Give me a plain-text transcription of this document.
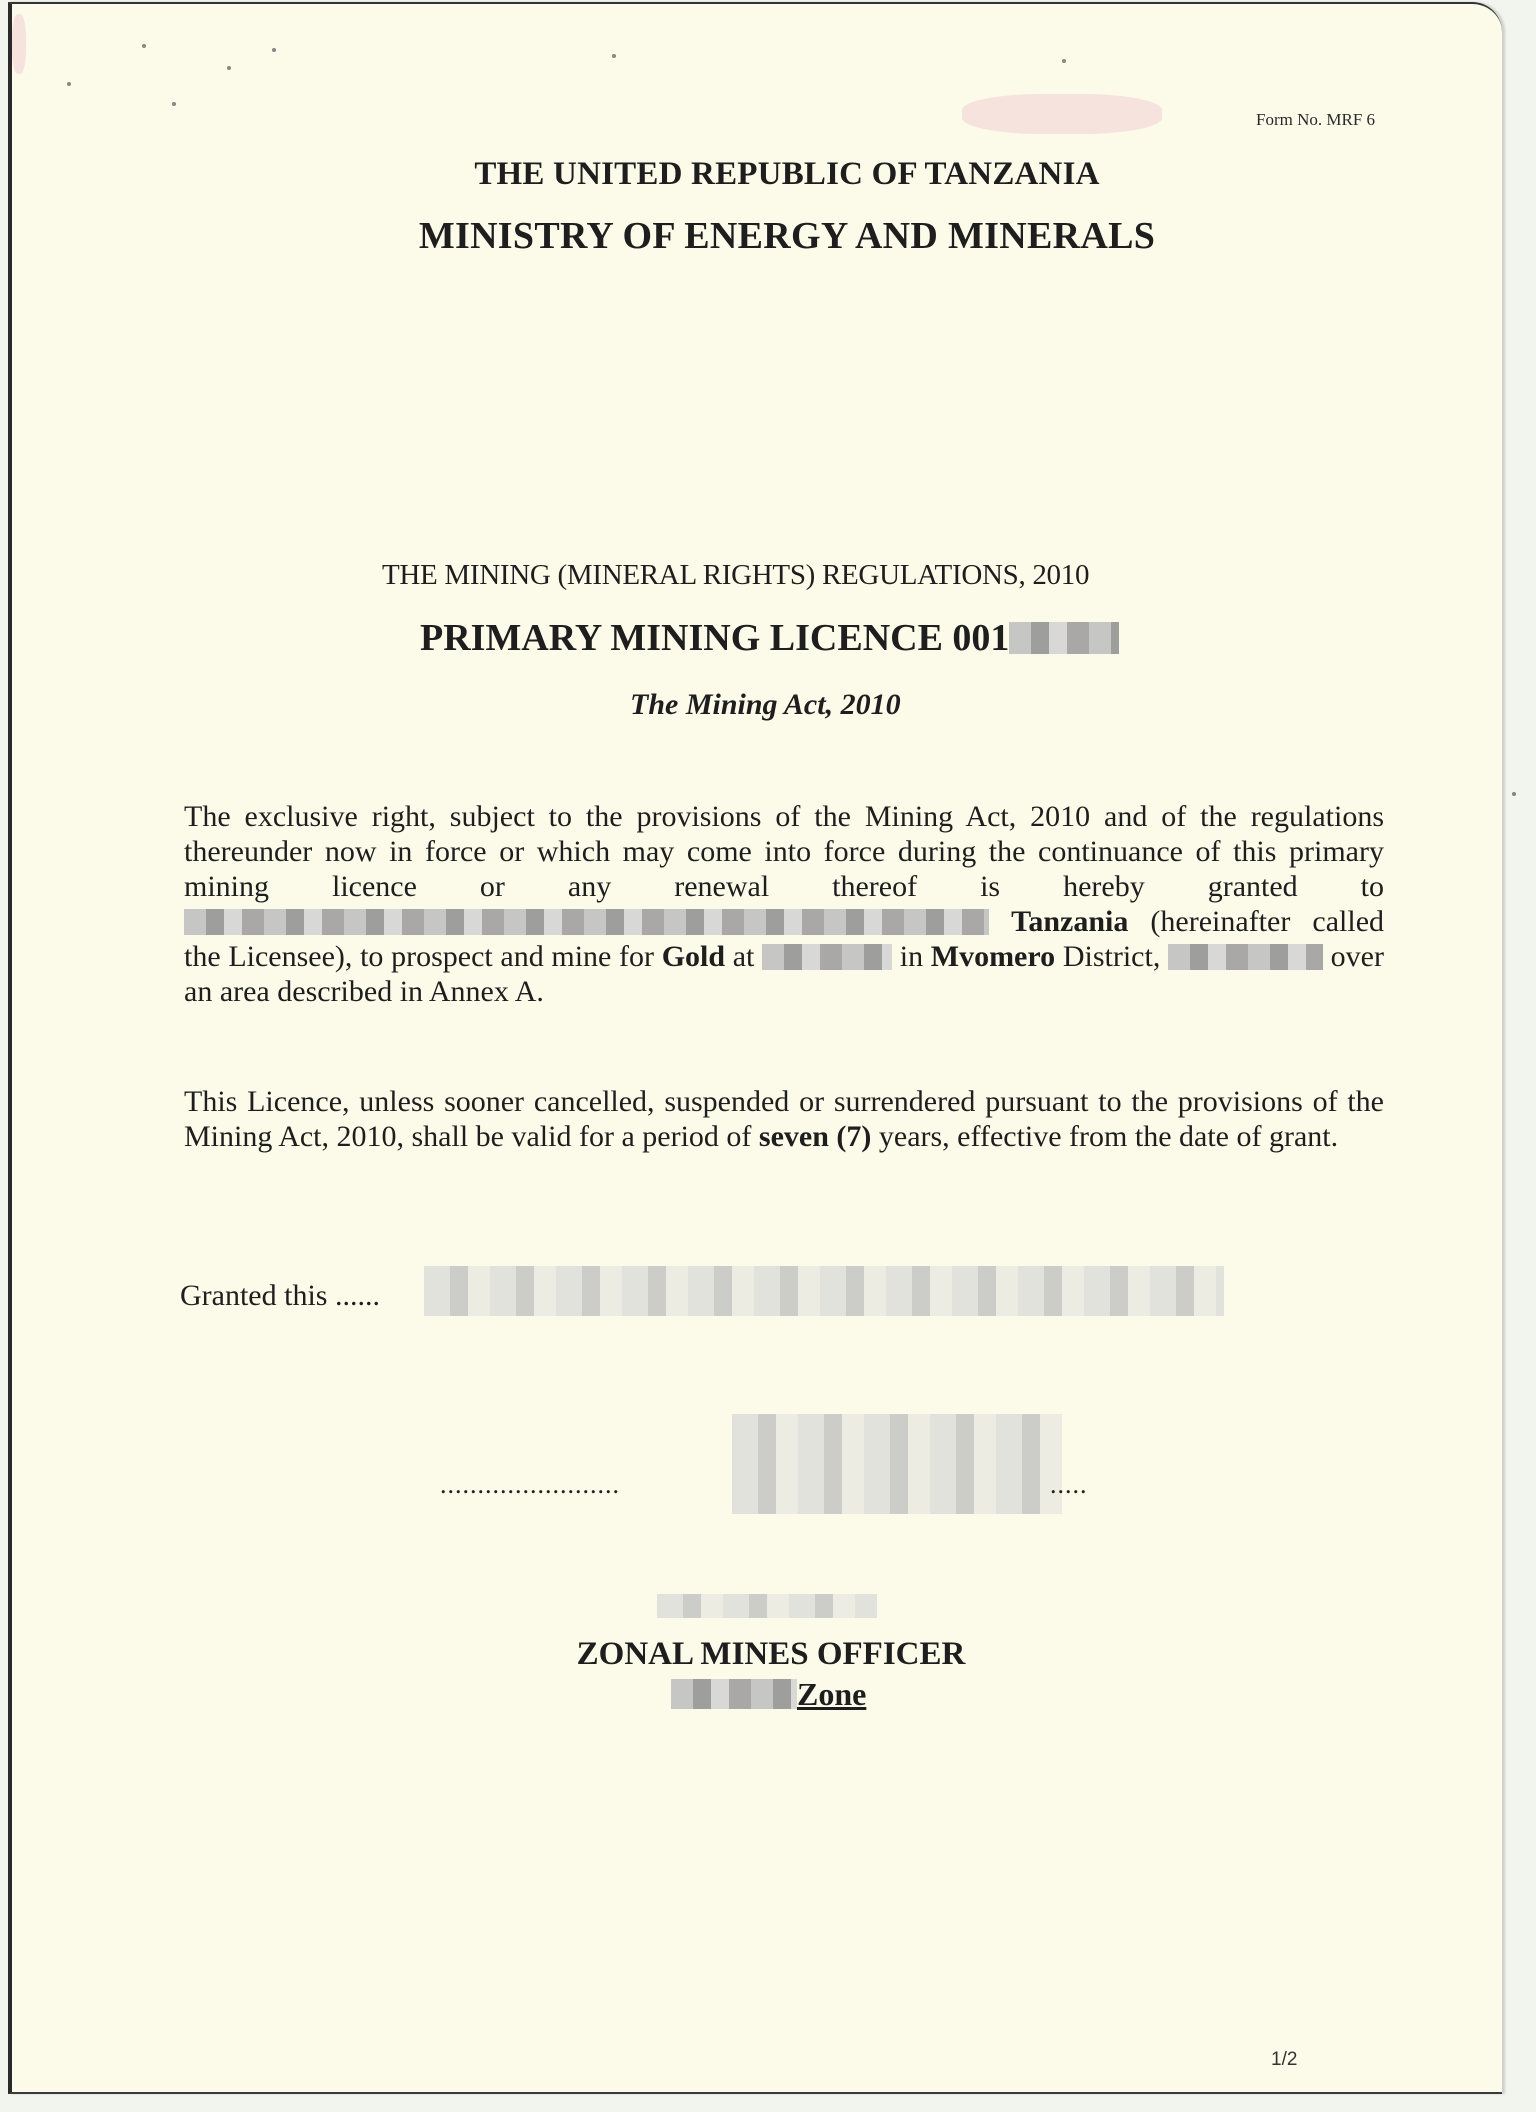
Form No. MRF 6
THE UNITED REPUBLIC OF TANZANIA
MINISTRY OF ENERGY AND MINERALS
THE MINING (MINERAL RIGHTS) REGULATIONS, 2010
PRIMARY MINING LICENCE 001
The Mining Act, 2010
The exclusive right, subject to the provisions of the Mining Act, 2010 and of the regulations thereunder now in force or which may come into force during the continuance of this primary mining licence or any renewal thereof is hereby granted to  Tanzania (hereinafter called the Licensee), to prospect and mine for Gold at	in Mvomero District,	over an area described in Annex A.
This Licence, unless sooner cancelled, suspended or surrendered pursuant to the provisions of the Mining Act, 2010, shall be valid for a period of seven (7) years, effective from the date of grant.
Granted this ......
........................	.....
ZONAL MINES OFFICER
Zone
1/2
